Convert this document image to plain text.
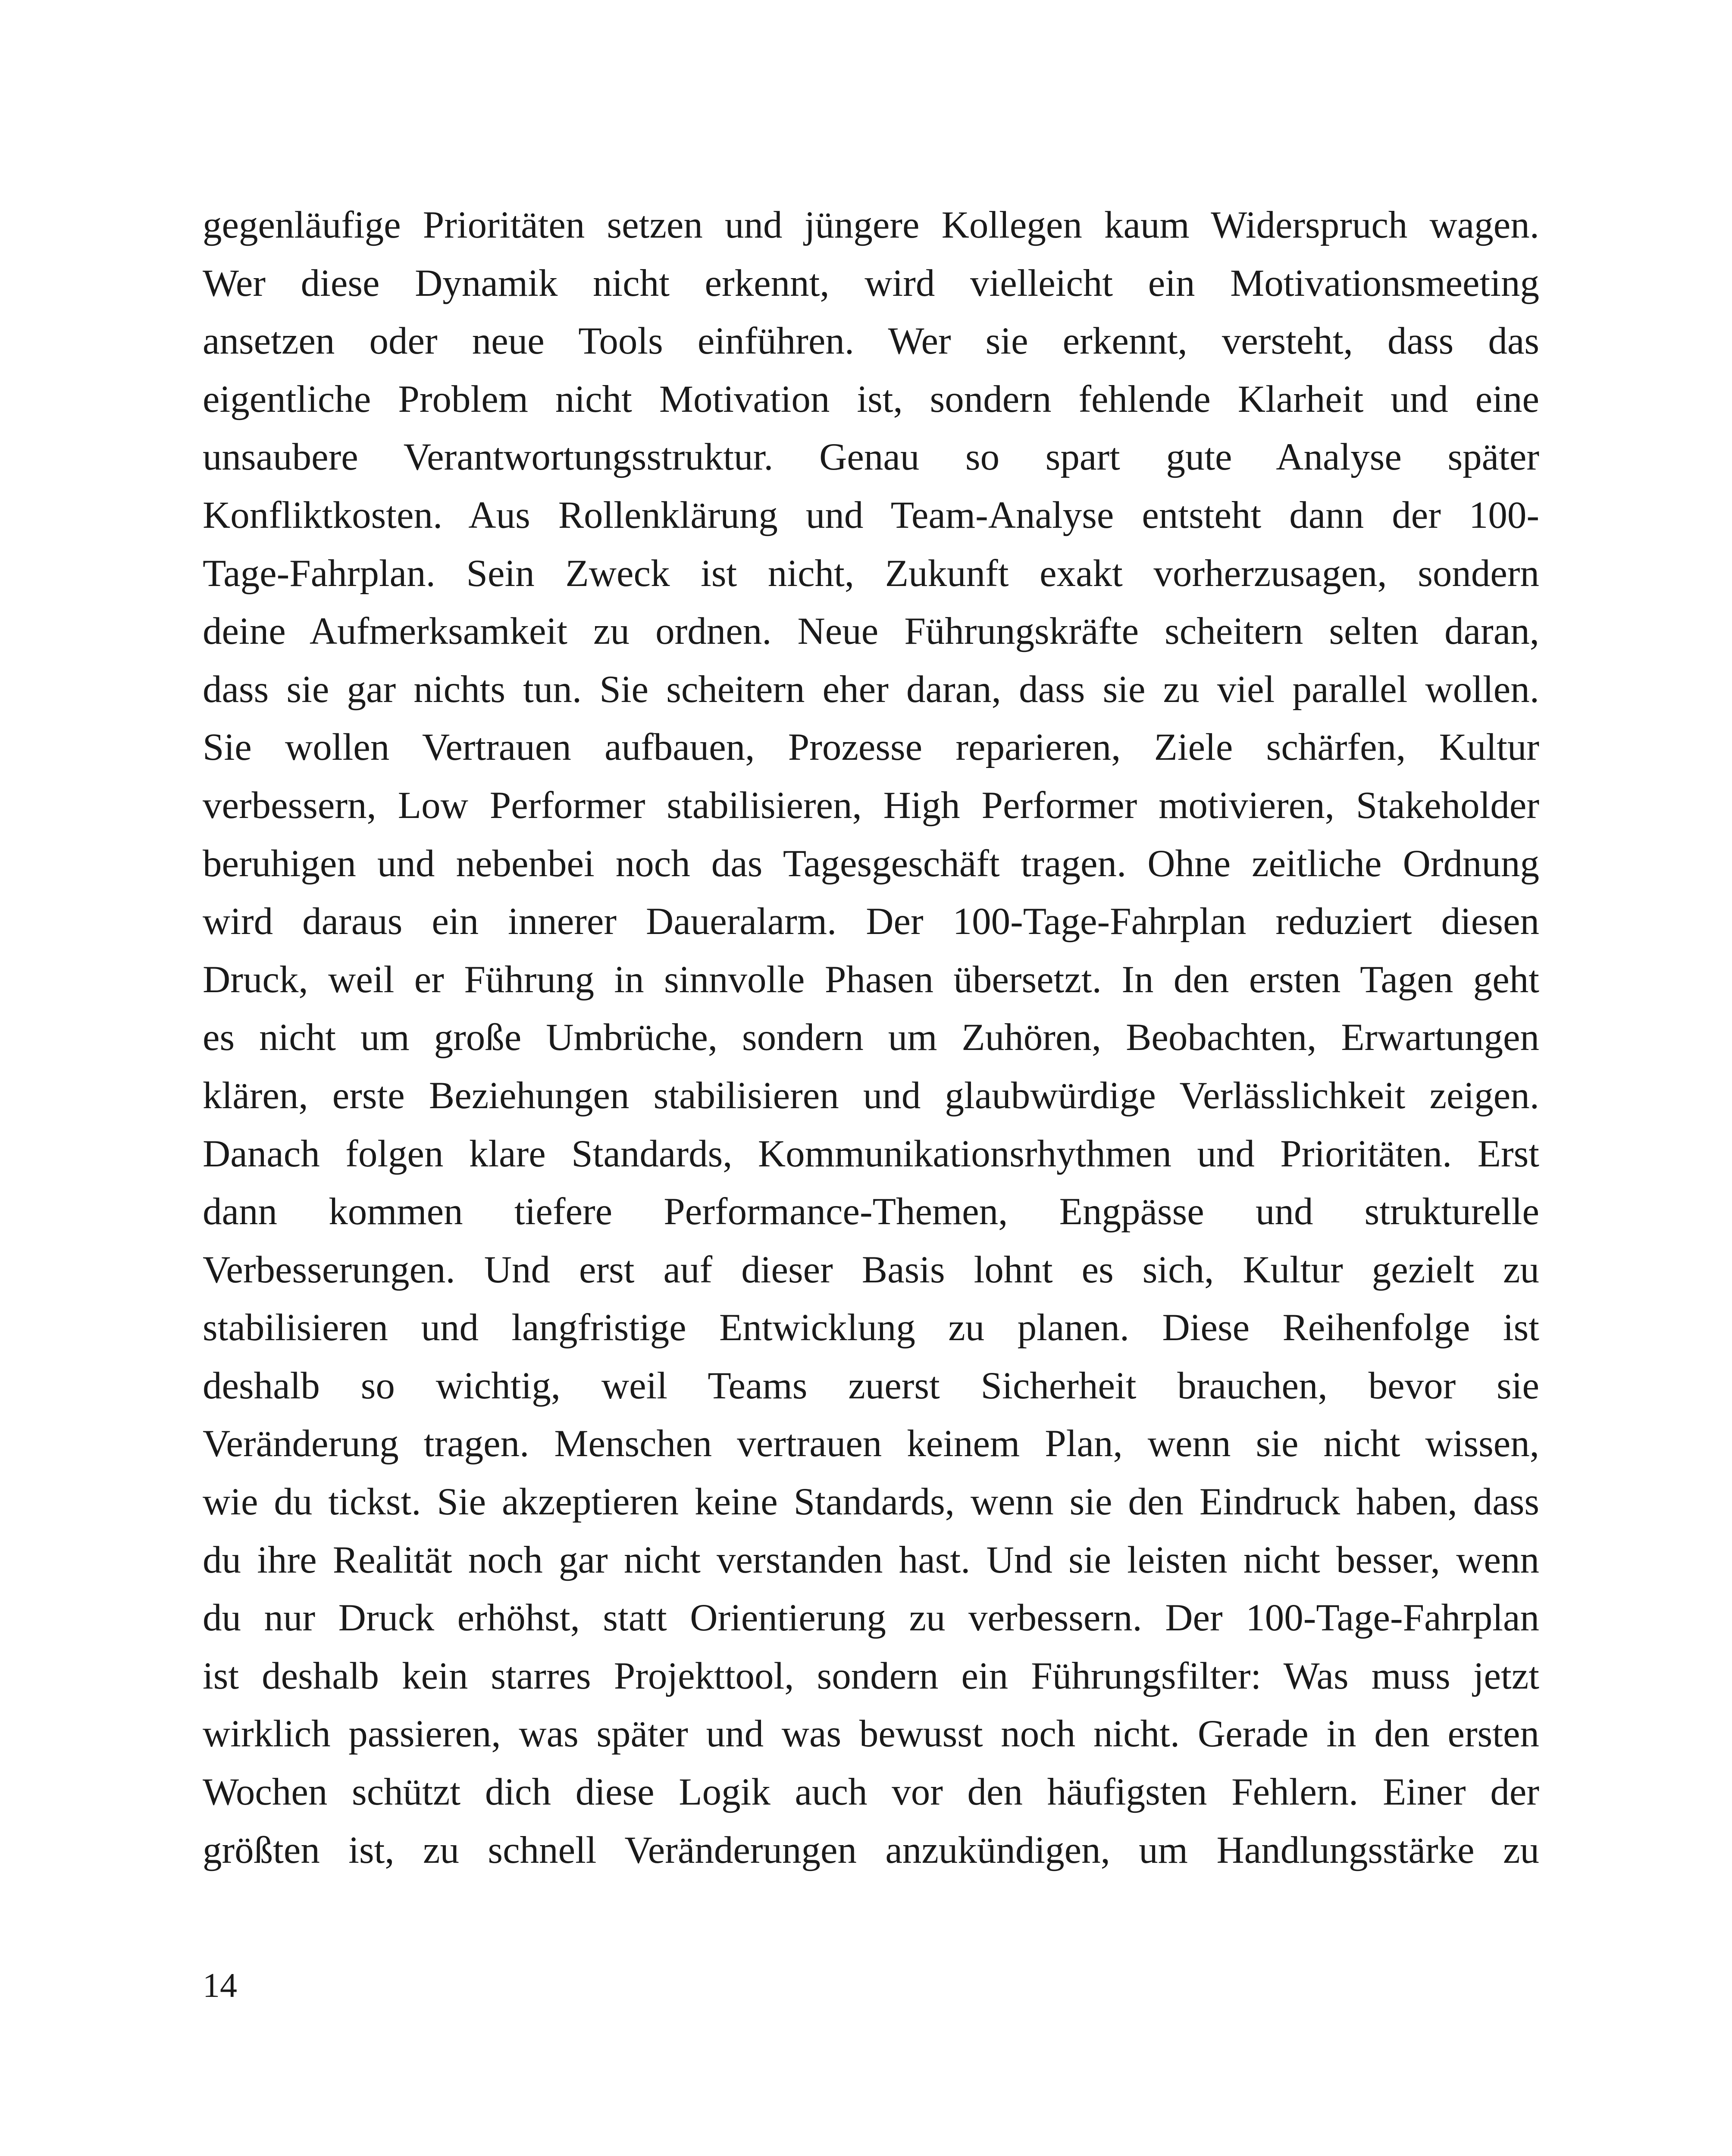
gegenläufige Prioritäten setzen und jüngere Kollegen kaum Widerspruch wagen.
Wer diese Dynamik nicht erkennt, wird vielleicht ein Motivationsmeeting
ansetzen oder neue Tools einführen. Wer sie erkennt, versteht, dass das
eigentliche Problem nicht Motivation ist, sondern fehlende Klarheit und eine
unsaubere Verantwortungsstruktur. Genau so spart gute Analyse später
Konfliktkosten. Aus Rollenklärung und Team-Analyse entsteht dann der 100-
Tage-Fahrplan. Sein Zweck ist nicht, Zukunft exakt vorherzusagen, sondern
deine Aufmerksamkeit zu ordnen. Neue Führungskräfte scheitern selten daran,
dass sie gar nichts tun. Sie scheitern eher daran, dass sie zu viel parallel wollen.
Sie wollen Vertrauen aufbauen, Prozesse reparieren, Ziele schärfen, Kultur
verbessern, Low Performer stabilisieren, High Performer motivieren, Stakeholder
beruhigen und nebenbei noch das Tagesgeschäft tragen. Ohne zeitliche Ordnung
wird daraus ein innerer Daueralarm. Der 100-Tage-Fahrplan reduziert diesen
Druck, weil er Führung in sinnvolle Phasen übersetzt. In den ersten Tagen geht
es nicht um große Umbrüche, sondern um Zuhören, Beobachten, Erwartungen
klären, erste Beziehungen stabilisieren und glaubwürdige Verlässlichkeit zeigen.
Danach folgen klare Standards, Kommunikationsrhythmen und Prioritäten. Erst
dann kommen tiefere Performance-Themen, Engpässe und strukturelle
Verbesserungen. Und erst auf dieser Basis lohnt es sich, Kultur gezielt zu
stabilisieren und langfristige Entwicklung zu planen. Diese Reihenfolge ist
deshalb so wichtig, weil Teams zuerst Sicherheit brauchen, bevor sie
Veränderung tragen. Menschen vertrauen keinem Plan, wenn sie nicht wissen,
wie du tickst. Sie akzeptieren keine Standards, wenn sie den Eindruck haben, dass
du ihre Realität noch gar nicht verstanden hast. Und sie leisten nicht besser, wenn
du nur Druck erhöhst, statt Orientierung zu verbessern. Der 100-Tage-Fahrplan
ist deshalb kein starres Projekttool, sondern ein Führungsfilter: Was muss jetzt
wirklich passieren, was später und was bewusst noch nicht. Gerade in den ersten
Wochen schützt dich diese Logik auch vor den häufigsten Fehlern. Einer der
größten ist, zu schnell Veränderungen anzukündigen, um Handlungsstärke zu
14
